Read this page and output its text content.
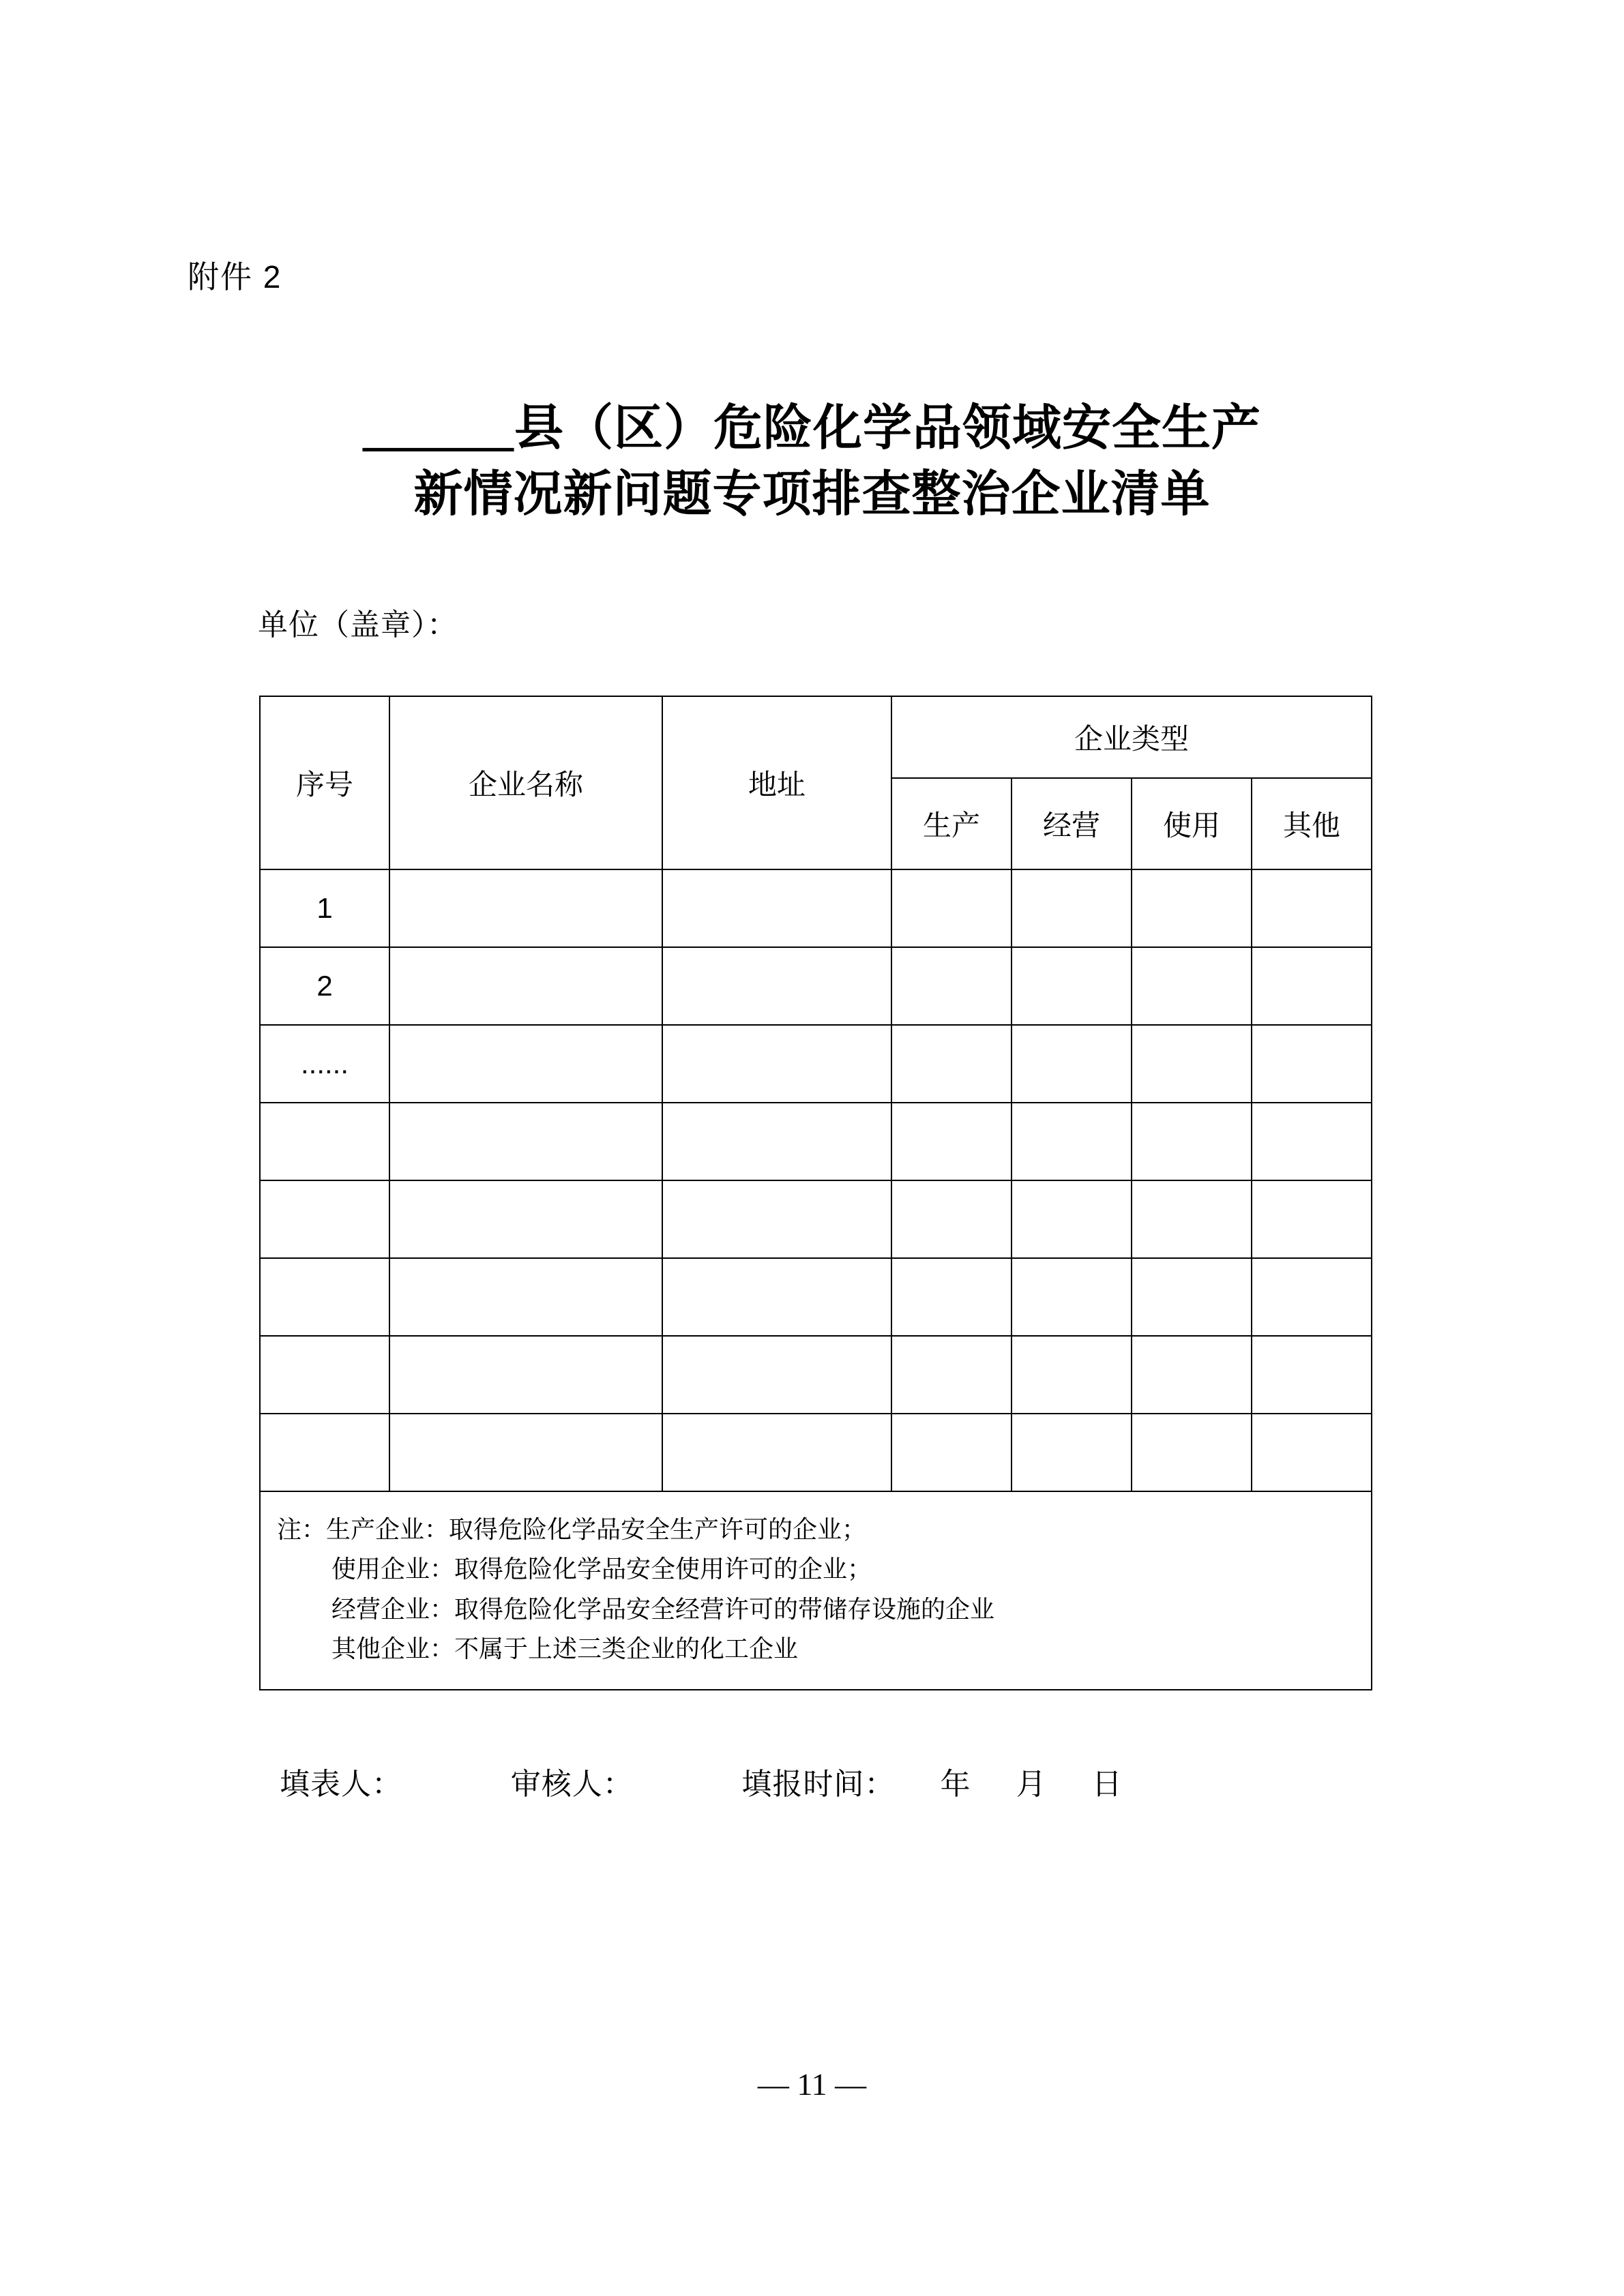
附件 2
______县（区）危险化学品领域安全生产
新情况新问题专项排查整治企业清单
单位（盖章）：
序号	企业名称	地址	企业类型			
			生产	经营	使用	其他
1						
2						
......						

注：生产企业：取得危险化学品安全生产许可的企业；
使用企业：取得危险化学品安全使用许可的企业；
经营企业：取得危险化学品安全经营许可的带储存设施的企业
其他企业：不属于上述三类企业的化工企业						
填表人：            审核人：            填报时间：     年     月     日
— 11 —
